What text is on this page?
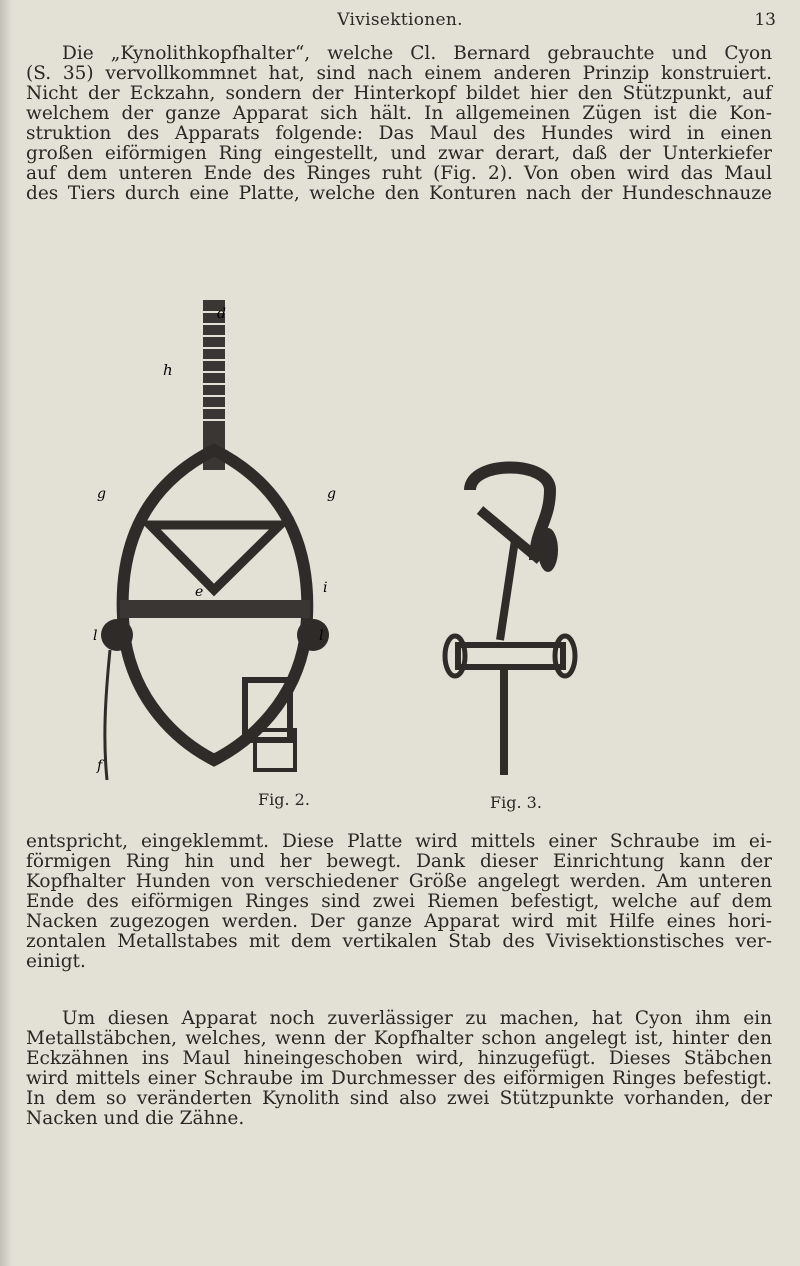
Vivisektionen.	13
Die „Kynolithkopfhalter“, welche Cl. Bernard gebrauchte und Cyon
(S. 35) vervollkommnet hat, sind nach einem anderen Prinzip konstruiert.
Nicht der Eckzahn, sondern der Hinterkopf bildet hier den Stützpunkt, auf
welchem der ganze Apparat sich hält. In allgemeinen Zügen ist die Kon-
struktion des Apparats folgende: Das Maul des Hundes wird in einen
großen eiförmigen Ring eingestellt, und zwar derart, daß der Unterkiefer
auf dem unteren Ende des Ringes ruht (Fig. 2). Von oben wird das Maul
des Tiers durch eine Platte, welche den Konturen nach der Hundeschnauze
d
h
g	g
e	i
l	l
f
Fig. 2.	Fig. 3.
entspricht, eingeklemmt. Diese Platte wird mittels einer Schraube im ei-
förmigen Ring hin und her bewegt. Dank dieser Einrichtung kann der
Kopfhalter Hunden von verschiedener Größe angelegt werden. Am unteren
Ende des eiförmigen Ringes sind zwei Riemen befestigt, welche auf dem
Nacken zugezogen werden. Der ganze Apparat wird mit Hilfe eines hori-
zontalen Metallstabes mit dem vertikalen Stab des Vivisektionstisches ver-
einigt.
Um diesen Apparat noch zuverlässiger zu machen, hat Cyon ihm ein
Metallstäbchen, welches, wenn der Kopfhalter schon angelegt ist, hinter den
Eckzähnen ins Maul hineingeschoben wird, hinzugefügt. Dieses Stäbchen
wird mittels einer Schraube im Durchmesser des eiförmigen Ringes befestigt.
In dem so veränderten Kynolith sind also zwei Stützpunkte vorhanden, der
Nacken und die Zähne.
